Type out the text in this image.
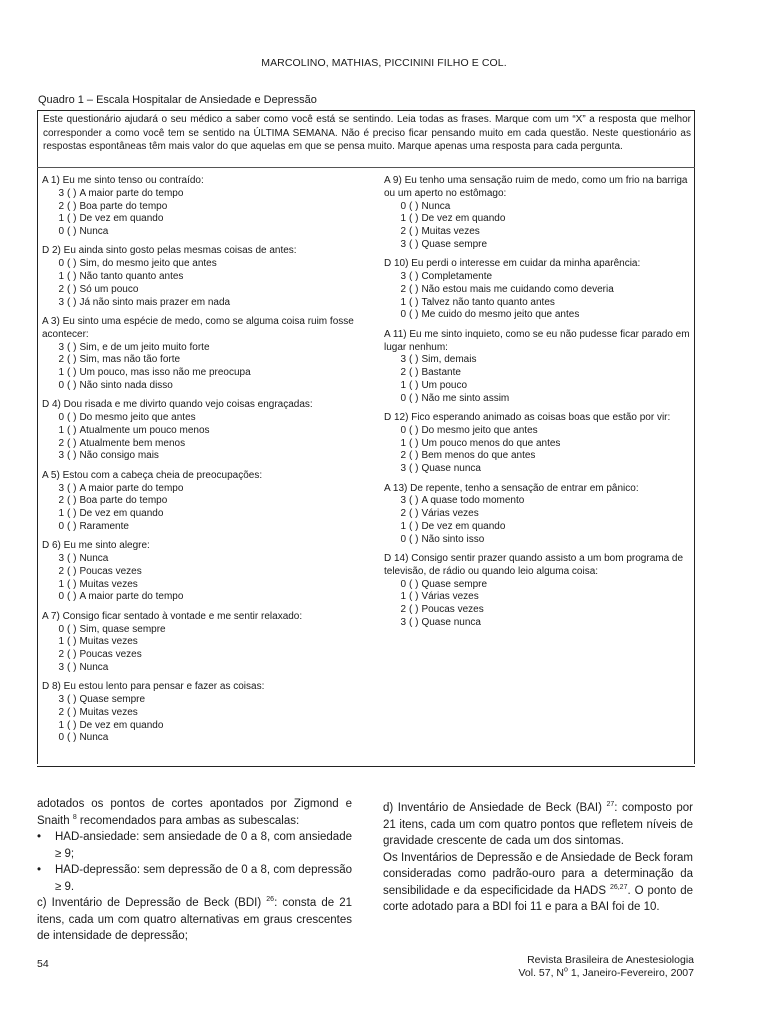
MARCOLINO, MATHIAS, PICCININI FILHO E COL.
Quadro 1 – Escala Hospitalar de Ansiedade e Depressão
Este questionário ajudará o seu médico a saber como você está se sentindo. Leia todas as frases. Marque com um “X” a resposta que melhor corresponder a como você tem se sentido na ÚLTIMA SEMANA. Não é preciso ficar pensando muito em cada questão. Neste questionário as respostas espontâneas têm mais valor do que aquelas em que se pensa muito. Marque apenas uma resposta para cada pergunta.
A 1) Eu me sinto tenso ou contraído:
3 ( ) A maior parte do tempo
2 ( ) Boa parte do tempo
1 ( ) De vez em quando
0 ( ) Nunca
D 2) Eu ainda sinto gosto pelas mesmas coisas de antes:
0 ( ) Sim, do mesmo jeito que antes
1 ( ) Não tanto quanto antes
2 ( ) Só um pouco
3 ( ) Já não sinto mais prazer em nada
A 3) Eu sinto uma espécie de medo, como se alguma coisa ruim fosse acontecer:
3 ( ) Sim, e de um jeito muito forte
2 ( ) Sim, mas não tão forte
1 ( ) Um pouco, mas isso não me preocupa
0 ( ) Não sinto nada disso
D 4) Dou risada e me divirto quando vejo coisas engraçadas:
0 ( ) Do mesmo jeito que antes
1 ( ) Atualmente um pouco menos
2 ( ) Atualmente bem menos
3 ( ) Não consigo mais
A 5) Estou com a cabeça cheia de preocupações:
3 ( ) A maior parte do tempo
2 ( ) Boa parte do tempo
1 ( ) De vez em quando
0 ( ) Raramente
D 6) Eu me sinto alegre:
3 ( ) Nunca
2 ( ) Poucas vezes
1 ( ) Muitas vezes
0 ( ) A maior parte do tempo
A 7) Consigo ficar sentado à vontade e me sentir relaxado:
0 ( ) Sim, quase sempre
1 ( ) Muitas vezes
2 ( ) Poucas vezes
3 ( ) Nunca
D 8) Eu estou lento para pensar e fazer as coisas:
3 ( ) Quase sempre
2 ( ) Muitas vezes
1 ( ) De vez em quando
0 ( ) Nunca
A 9) Eu tenho uma sensação ruim de medo, como um frio na barriga ou um aperto no estômago:
0 ( ) Nunca
1 ( ) De vez em quando
2 ( ) Muitas vezes
3 ( ) Quase sempre
D 10) Eu perdi o interesse em cuidar da minha aparência:
3 ( ) Completamente
2 ( ) Não estou mais me cuidando como deveria
1 ( ) Talvez não tanto quanto antes
0 ( ) Me cuido do mesmo jeito que antes
A 11) Eu me sinto inquieto, como se eu não pudesse ficar parado em lugar nenhum:
3 ( ) Sim, demais
2 ( ) Bastante
1 ( ) Um pouco
0 ( ) Não me sinto assim
D 12) Fico esperando animado as coisas boas que estão por vir:
0 ( ) Do mesmo jeito que antes
1 ( ) Um pouco menos do que antes
2 ( ) Bem menos do que antes
3 ( ) Quase nunca
A 13) De repente, tenho a sensação de entrar em pânico:
3 ( ) A quase todo momento
2 ( ) Várias vezes
1 ( ) De vez em quando
0 ( ) Não sinto isso
D 14) Consigo sentir prazer quando assisto a um bom programa de televisão, de rádio ou quando leio alguma coisa:
0 ( ) Quase sempre
1 ( ) Várias vezes
2 ( ) Poucas vezes
3 ( ) Quase nunca

adotados os pontos de cortes apontados por Zigmond e Snaith $^8$ recomendados para ambas as subescalas:

• HAD-ansiedade: sem ansiedade de 0 a 8, com ansiedade ≥ 9;
• HAD-depressão: sem depressão de 0 a 8, com depressão ≥ 9.

c) Inventário de Depressão de Beck (BDI) $^{26}$: consta de 21 itens, cada um com quatro alternativas em graus crescentes de intensidade de depressão;

d) Inventário de Ansiedade de Beck (BAI) $^{27}$: composto por 21 itens, cada um com quatro pontos que refletem níveis de gravidade crescente de cada um dos sintomas.

Os Inventários de Depressão e de Ansiedade de Beck foram consideradas como padrão-ouro para a determinação da sensibilidade e da especificidade da HADS $^{26,27}$. O ponto de corte adotado para a BDI foi 11 e para a BAI foi de 10.

54	Revista Brasileira de Anestesiologia
Vol. 57, $N^o$ 1, Janeiro-Fevereiro, 2007
